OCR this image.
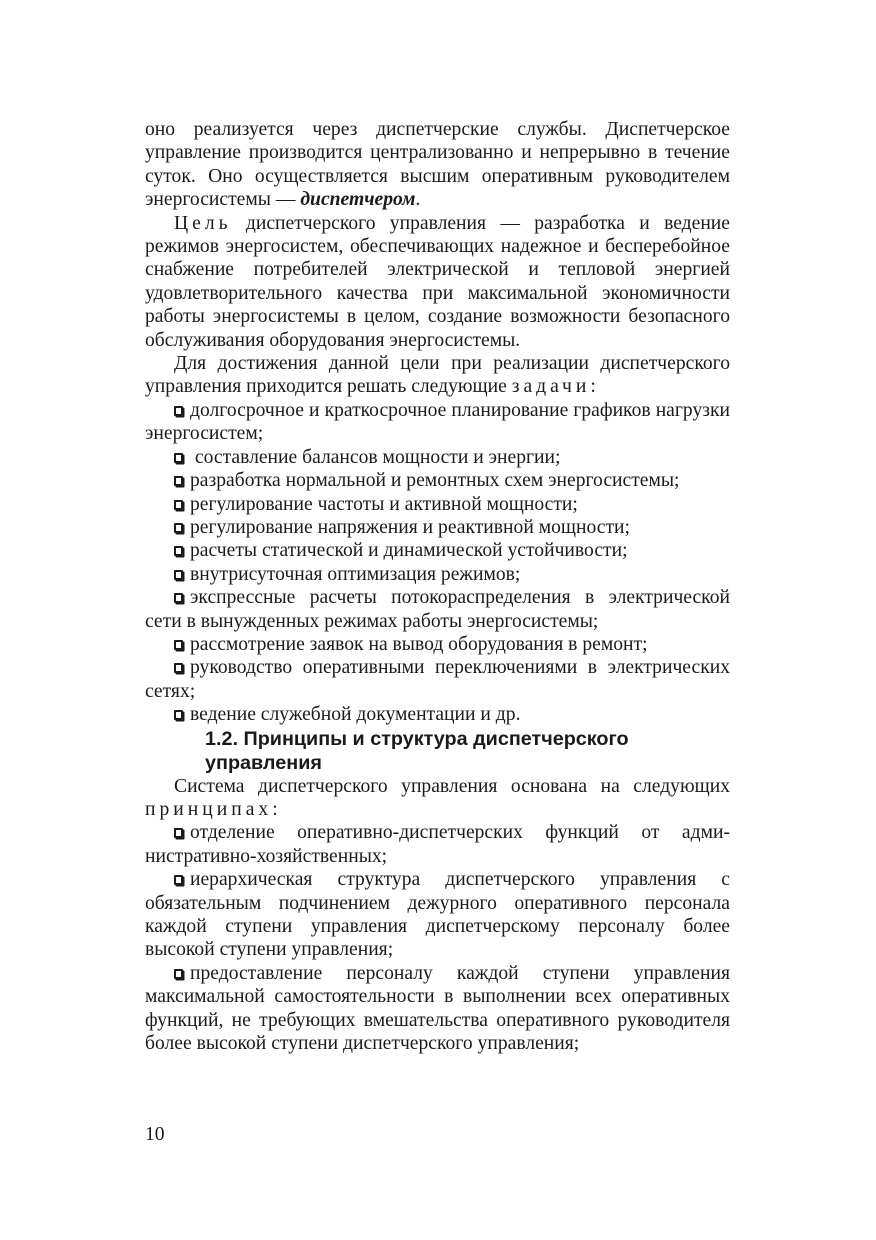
оно реализуется через диспетчерские службы. Диспетчерское управление производится централизованно и непрерывно в течение суток. Оно осуществляется высшим оперативным руководителем энергосистемы — диспетчером.

Цель диспетчерского управления — разработка и ведение режимов энергосистем, обеспечивающих надежное и бесперебойное снабжение потребителей электрической и тепловой энергией удовлетворительного качества при максимальной экономичности работы энергосистемы в целом, создание возможности безопасного обслуживания оборудования энергосистемы.

Для достижения данной цели при реализации диспетчерского управления приходится решать следующие задачи:

долгосрочное и краткосрочное планирование графиков нагрузки энергосистем;

составление балансов мощности и энергии;

разработка нормальной и ремонтных схем энергосистемы;

регулирование частоты и активной мощности;

регулирование напряжения и реактивной мощности;

расчеты статической и динамической устойчивости;

внутрисуточная оптимизация режимов;

экспрессные расчеты потокораспределения в электрической сети в вынужденных режимах работы энергосистемы;

рассмотрение заявок на вывод оборудования в ремонт;

руководство оперативными переключениями в электрических сетях;

ведение служебной документации и др.

1.2. Принципы и структура диспетчерского управления

Система диспетчерского управления основана на следующих принципах:

отделение оперативно-диспетчерских функций от административно-хозяйственных;

иерархическая структура диспетчерского управления с обязательным подчинением дежурного оперативного персонала каждой ступени управления диспетчерскому персоналу более высокой ступени управления;

предоставление персоналу каждой ступени управления максимальной самостоятельности в выполнении всех оперативных функций, не требующих вмешательства оперативного руководителя более высокой ступени диспетчерского управления;

10
